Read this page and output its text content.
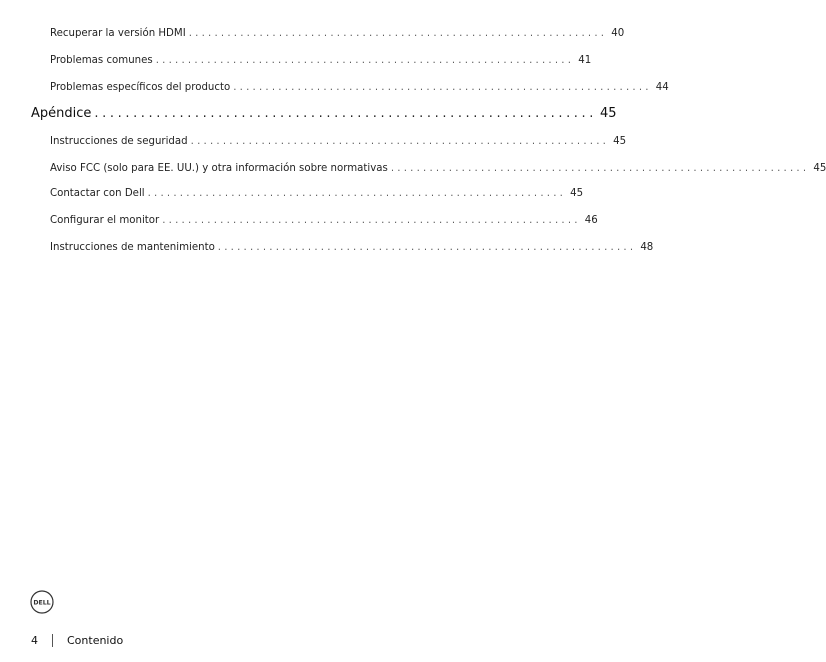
Recuperar la versión HDMI ................................................................. 40
Problemas comunes ................................................................. 41
Problemas específicos del producto ................................................................. 44
Apéndice ................................................................. 45
Instrucciones de seguridad ................................................................. 45
Aviso FCC (solo para EE. UU.) y otra información sobre normativas ................................................................. 45
Contactar con Dell ................................................................. 45
Configurar el monitor ................................................................. 46
Instrucciones de mantenimiento ................................................................. 48
DELL
4	Contenido
